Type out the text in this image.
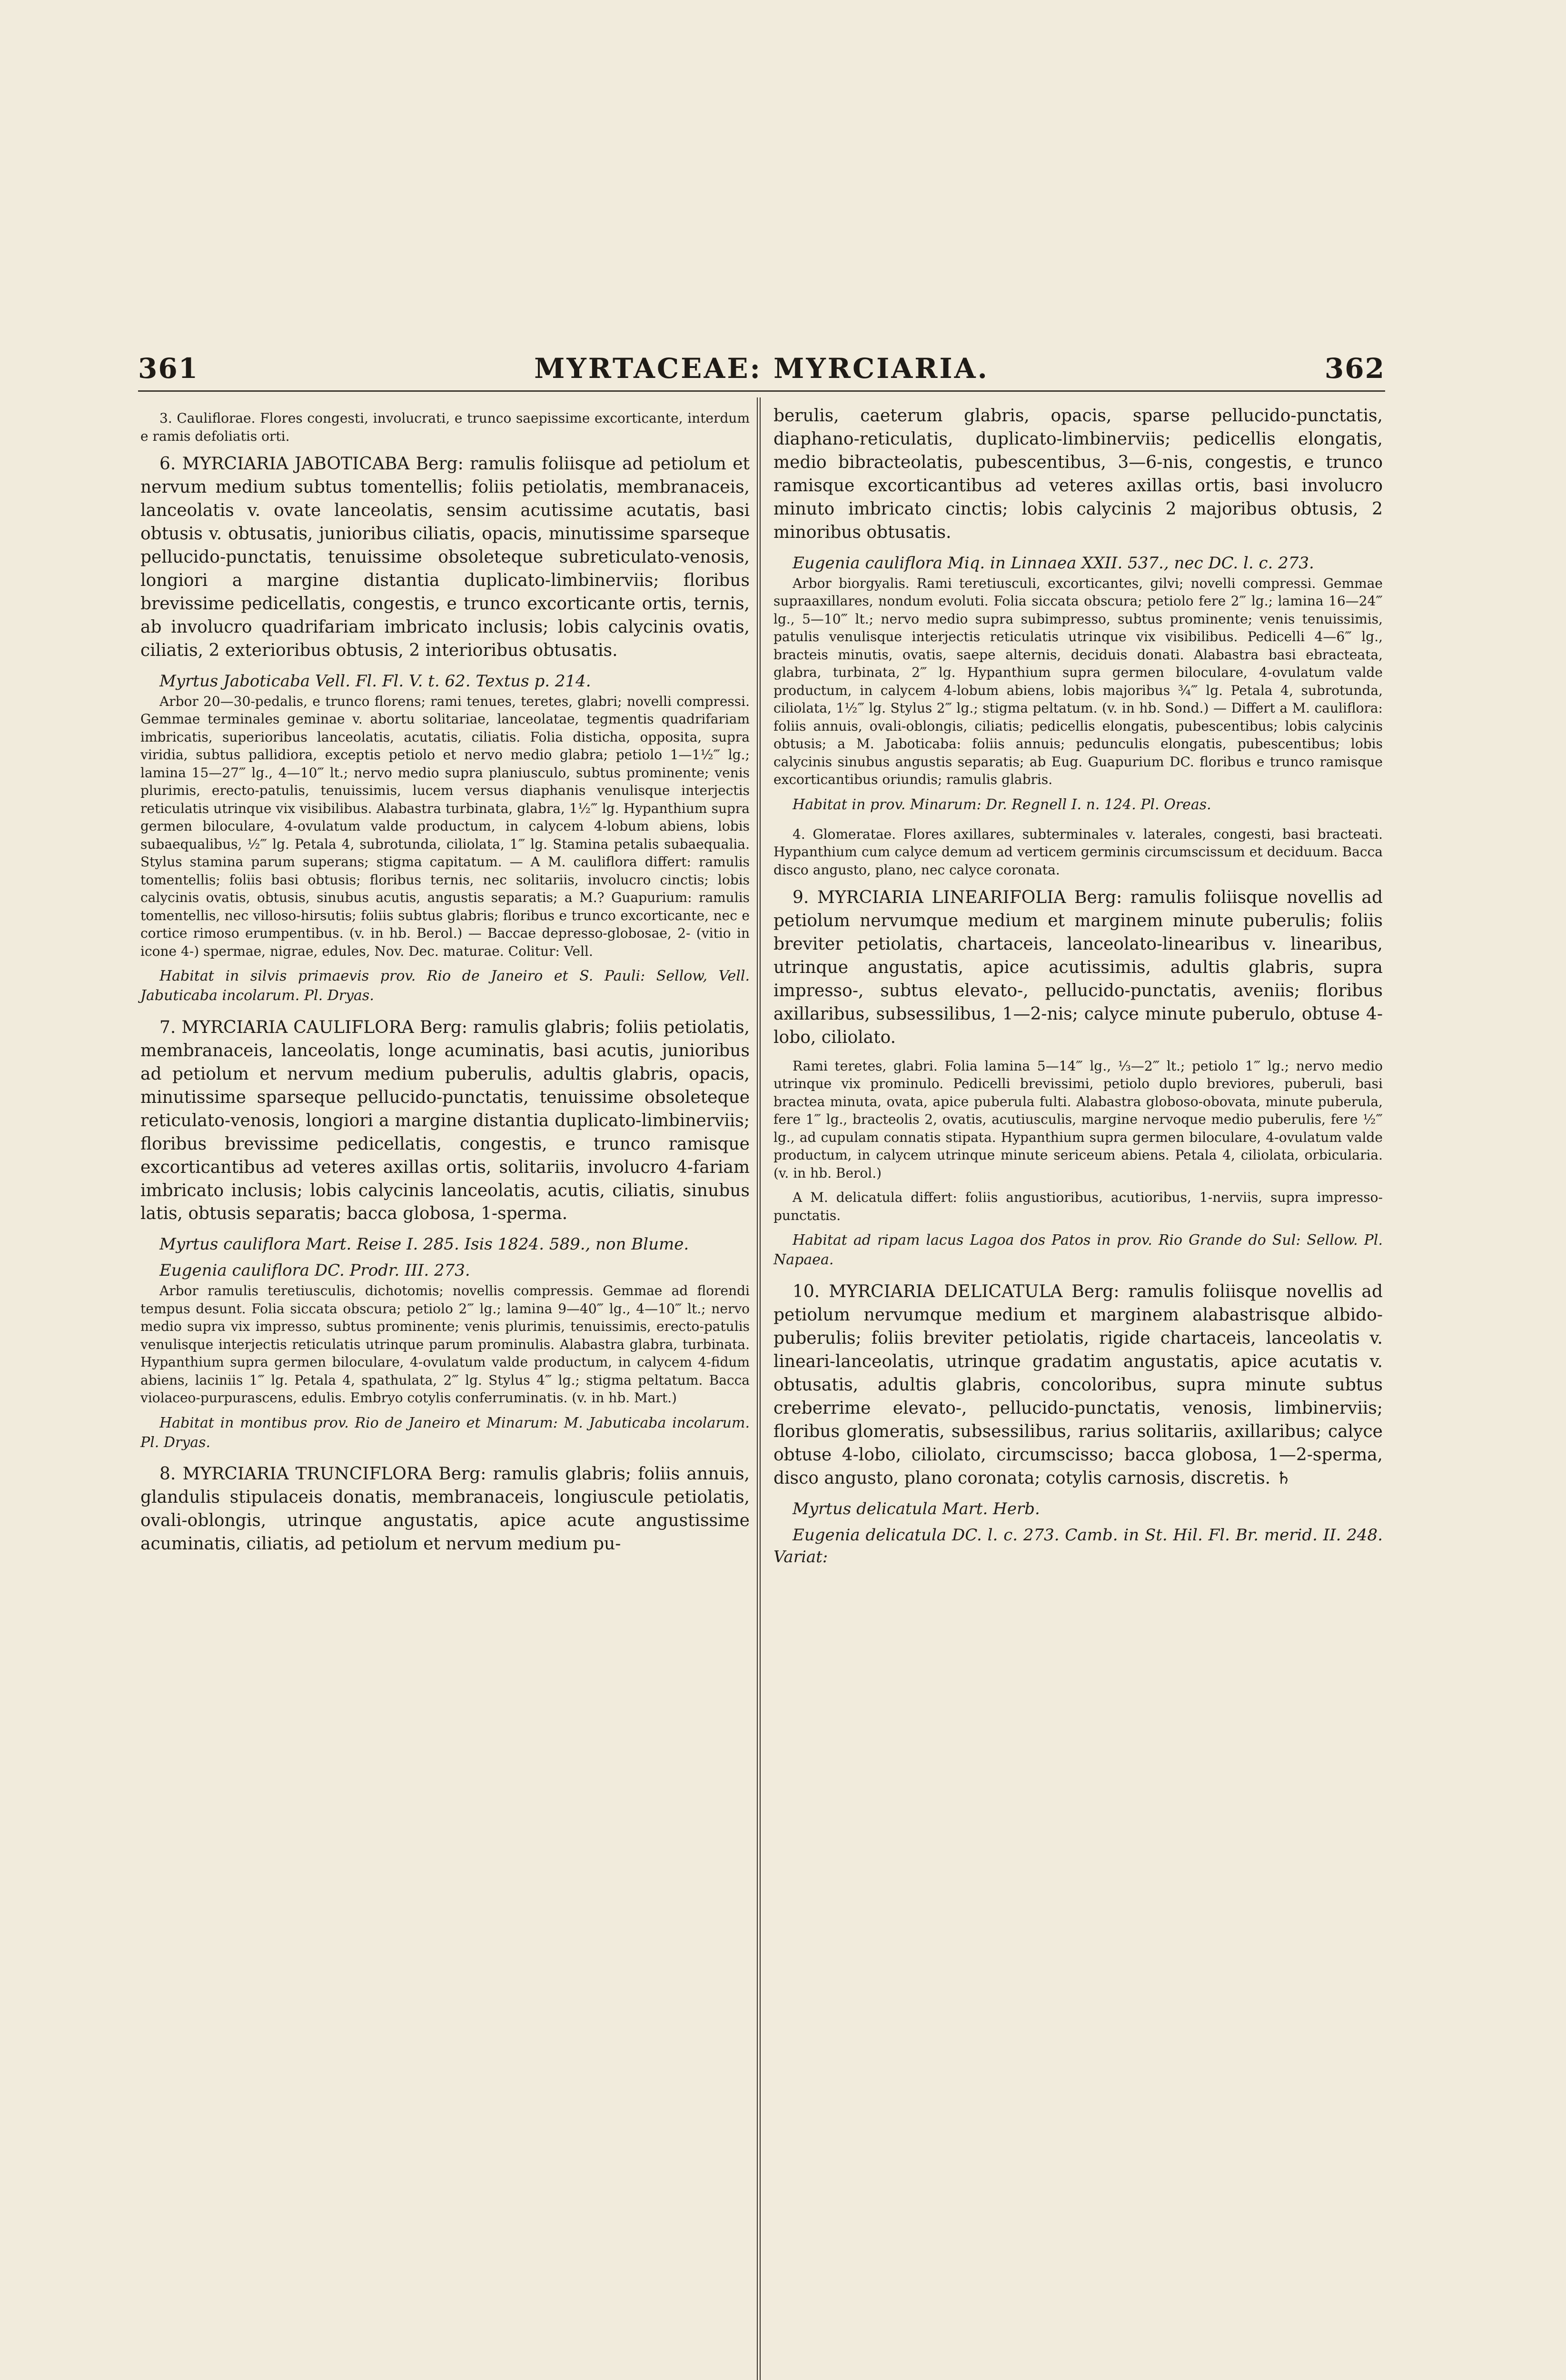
361	MYRTACEAE: MYRCIARIA.	362

3. Cauliflorae. Flores congesti, involucrati, e trunco saepissime excorticante, interdum e ramis defoliatis orti.

6. MYRCIARIA JABOTICABA Berg: ramulis foliisque ad petiolum et nervum medium subtus tomentellis; foliis petiolatis, membranaceis, lanceolatis v. ovate lanceolatis, sensim acutissime acutatis, basi obtusis v. obtusatis, junioribus ciliatis, opacis, minutissime sparseque pellucido-punctatis, tenuissime obsoleteque subreticulato-venosis, longiori a margine distantia duplicato-limbinerviis; floribus brevissime pedicellatis, congestis, e trunco excorticante ortis, ternis, ab involucro quadrifariam imbricato inclusis; lobis calycinis ovatis, ciliatis, 2 exterioribus obtusis, 2 interioribus obtusatis.

Myrtus Jaboticaba Vell. Fl. Fl. V. t. 62. Textus p. 214.

Arbor 20—30-pedalis, e trunco florens; rami tenues, teretes, glabri; novelli compressi. Gemmae terminales geminae v. abortu solitariae, lanceolatae, tegmentis quadrifariam imbricatis, superioribus lanceolatis, acutatis, ciliatis. Folia disticha, opposita, supra viridia, subtus pallidiora, exceptis petiolo et nervo medio glabra; petiolo 1—1½‴ lg.; lamina 15—27‴ lg., 4—10‴ lt.; nervo medio supra planiusculo, subtus prominente; venis plurimis, erecto-patulis, tenuissimis, lucem versus diaphanis venulisque interjectis reticulatis utrinque vix visibilibus. Alabastra turbinata, glabra, 1½‴ lg. Hypanthium supra germen biloculare, 4-ovulatum valde productum, in calycem 4-lobum abiens, lobis subaequalibus, ½‴ lg. Petala 4, subrotunda, ciliolata, 1‴ lg. Stamina petalis subaequalia. Stylus stamina parum superans; stigma capitatum. — A M. cauliflora differt: ramulis tomentellis; foliis basi obtusis; floribus ternis, nec solitariis, involucro cinctis; lobis calycinis ovatis, obtusis, sinubus acutis, angustis separatis; a M.? Guapurium: ramulis tomentellis, nec villoso-hirsutis; foliis subtus glabris; floribus e trunco excorticante, nec e cortice rimoso erumpentibus. (v. in hb. Berol.) — Baccae depresso-globosae, 2- (vitio in icone 4-) spermae, nigrae, edules, Nov. Dec. maturae. Colitur: Vell.

Habitat in silvis primaevis prov. Rio de Janeiro et S. Pauli: Sellow, Vell. Jabuticaba incolarum. Pl. Dryas.

7. MYRCIARIA CAULIFLORA Berg: ramulis glabris; foliis petiolatis, membranaceis, lanceolatis, longe acuminatis, basi acutis, junioribus ad petiolum et nervum medium puberulis, adultis glabris, opacis, minutissime sparseque pellucido-punctatis, tenuissime obsoleteque reticulato-venosis, longiori a margine distantia duplicato-limbinerviis; floribus brevissime pedicellatis, congestis, e trunco ramisque excorticantibus ad veteres axillas ortis, solitariis, involucro 4-fariam imbricato inclusis; lobis calycinis lanceolatis, acutis, ciliatis, sinubus latis, obtusis separatis; bacca globosa, 1-sperma.

Myrtus cauliflora Mart. Reise I. 285. Isis 1824. 589., non Blume.

Eugenia cauliflora DC. Prodr. III. 273.

Arbor ramulis teretiusculis, dichotomis; novellis compressis. Gemmae ad florendi tempus desunt. Folia siccata obscura; petiolo 2‴ lg.; lamina 9—40‴ lg., 4—10‴ lt.; nervo medio supra vix impresso, subtus prominente; venis plurimis, tenuissimis, erecto-patulis venulisque interjectis reticulatis utrinque parum prominulis. Alabastra glabra, turbinata. Hypanthium supra germen biloculare, 4-ovulatum valde productum, in calycem 4-fidum abiens, laciniis 1‴ lg. Petala 4, spathulata, 2‴ lg. Stylus 4‴ lg.; stigma peltatum. Bacca violaceo-purpurascens, edulis. Embryo cotylis conferruminatis. (v. in hb. Mart.)

Habitat in montibus prov. Rio de Janeiro et Minarum: M. Jabuticaba incolarum. Pl. Dryas.

8. MYRCIARIA TRUNCIFLORA Berg: ramulis glabris; foliis annuis, glandulis stipulaceis donatis, membranaceis, longiuscule petiolatis, ovali-oblongis, utrinque angustatis, apice acute angustissime acuminatis, ciliatis, ad petiolum et nervum medium pu-

berulis, caeterum glabris, opacis, sparse pellucido-punctatis, diaphano-reticulatis, duplicato-limbinerviis; pedicellis elongatis, medio bibracteolatis, pubescentibus, 3—6-nis, congestis, e trunco ramisque excorticantibus ad veteres axillas ortis, basi involucro minuto imbricato cinctis; lobis calycinis 2 majoribus obtusis, 2 minoribus obtusatis.

Eugenia cauliflora Miq. in Linnaea XXII. 537., nec DC. l. c. 273.

Arbor biorgyalis. Rami teretiusculi, excorticantes, gilvi; novelli compressi. Gemmae supraaxillares, nondum evoluti. Folia siccata obscura; petiolo fere 2‴ lg.; lamina 16—24‴ lg., 5—10‴ lt.; nervo medio supra subimpresso, subtus prominente; venis tenuissimis, patulis venulisque interjectis reticulatis utrinque vix visibilibus. Pedicelli 4—6‴ lg., bracteis minutis, ovatis, saepe alternis, deciduis donati. Alabastra basi ebracteata, glabra, turbinata, 2‴ lg. Hypanthium supra germen biloculare, 4-ovulatum valde productum, in calycem 4-lobum abiens, lobis majoribus ¾‴ lg. Petala 4, subrotunda, ciliolata, 1½‴ lg. Stylus 2‴ lg.; stigma peltatum. (v. in hb. Sond.) — Differt a M. cauliflora: foliis annuis, ovali-oblongis, ciliatis; pedicellis elongatis, pubescentibus; lobis calycinis obtusis; a M. Jaboticaba: foliis annuis; pedunculis elongatis, pubescentibus; lobis calycinis sinubus angustis separatis; ab Eug. Guapurium DC. floribus e trunco ramisque excorticantibus oriundis; ramulis glabris.

Habitat in prov. Minarum: Dr. Regnell I. n. 124. Pl. Oreas.

4. Glomeratae. Flores axillares, subterminales v. laterales, congesti, basi bracteati. Hypanthium cum calyce demum ad verticem germinis circumscissum et deciduum. Bacca disco angusto, plano, nec calyce coronata.

9. MYRCIARIA LINEARIFOLIA Berg: ramulis foliisque novellis ad petiolum nervumque medium et marginem minute puberulis; foliis breviter petiolatis, chartaceis, lanceolato-linearibus v. linearibus, utrinque angustatis, apice acutissimis, adultis glabris, supra impresso-, subtus elevato-, pellucido-punctatis, aveniis; floribus axillaribus, subsessilibus, 1—2-nis; calyce minute puberulo, obtuse 4-lobo, ciliolato.

Rami teretes, glabri. Folia lamina 5—14‴ lg., ⅓—2‴ lt.; petiolo 1‴ lg.; nervo medio utrinque vix prominulo. Pedicelli brevissimi, petiolo duplo breviores, puberuli, basi bractea minuta, ovata, apice puberula fulti. Alabastra globoso-obovata, minute puberula, fere 1‴ lg., bracteolis 2, ovatis, acutiusculis, margine nervoque medio puberulis, fere ½‴ lg., ad cupulam connatis stipata. Hypanthium supra germen biloculare, 4-ovulatum valde productum, in calycem utrinque minute sericeum abiens. Petala 4, ciliolata, orbicularia. (v. in hb. Berol.)

A M. delicatula differt: foliis angustioribus, acutioribus, 1-nerviis, supra impresso-punctatis.

Habitat ad ripam lacus Lagoa dos Patos in prov. Rio Grande do Sul: Sellow. Pl. Napaea.

10. MYRCIARIA DELICATULA Berg: ramulis foliisque novellis ad petiolum nervumque medium et marginem alabastrisque albido-puberulis; foliis breviter petiolatis, rigide chartaceis, lanceolatis v. lineari-lanceolatis, utrinque gradatim angustatis, apice acutatis v. obtusatis, adultis glabris, concoloribus, supra minute subtus creberrime elevato-, pellucido-punctatis, venosis, limbinerviis; floribus glomeratis, subsessilibus, rarius solitariis, axillaribus; calyce obtuse 4-lobo, ciliolato, circumscisso; bacca globosa, 1—2-sperma, disco angusto, plano coronata; cotylis carnosis, discretis. ♄

Myrtus delicatula Mart. Herb.

Eugenia delicatula DC. l. c. 273. Camb. in St. Hil. Fl. Br. merid. II. 248. Variat:
